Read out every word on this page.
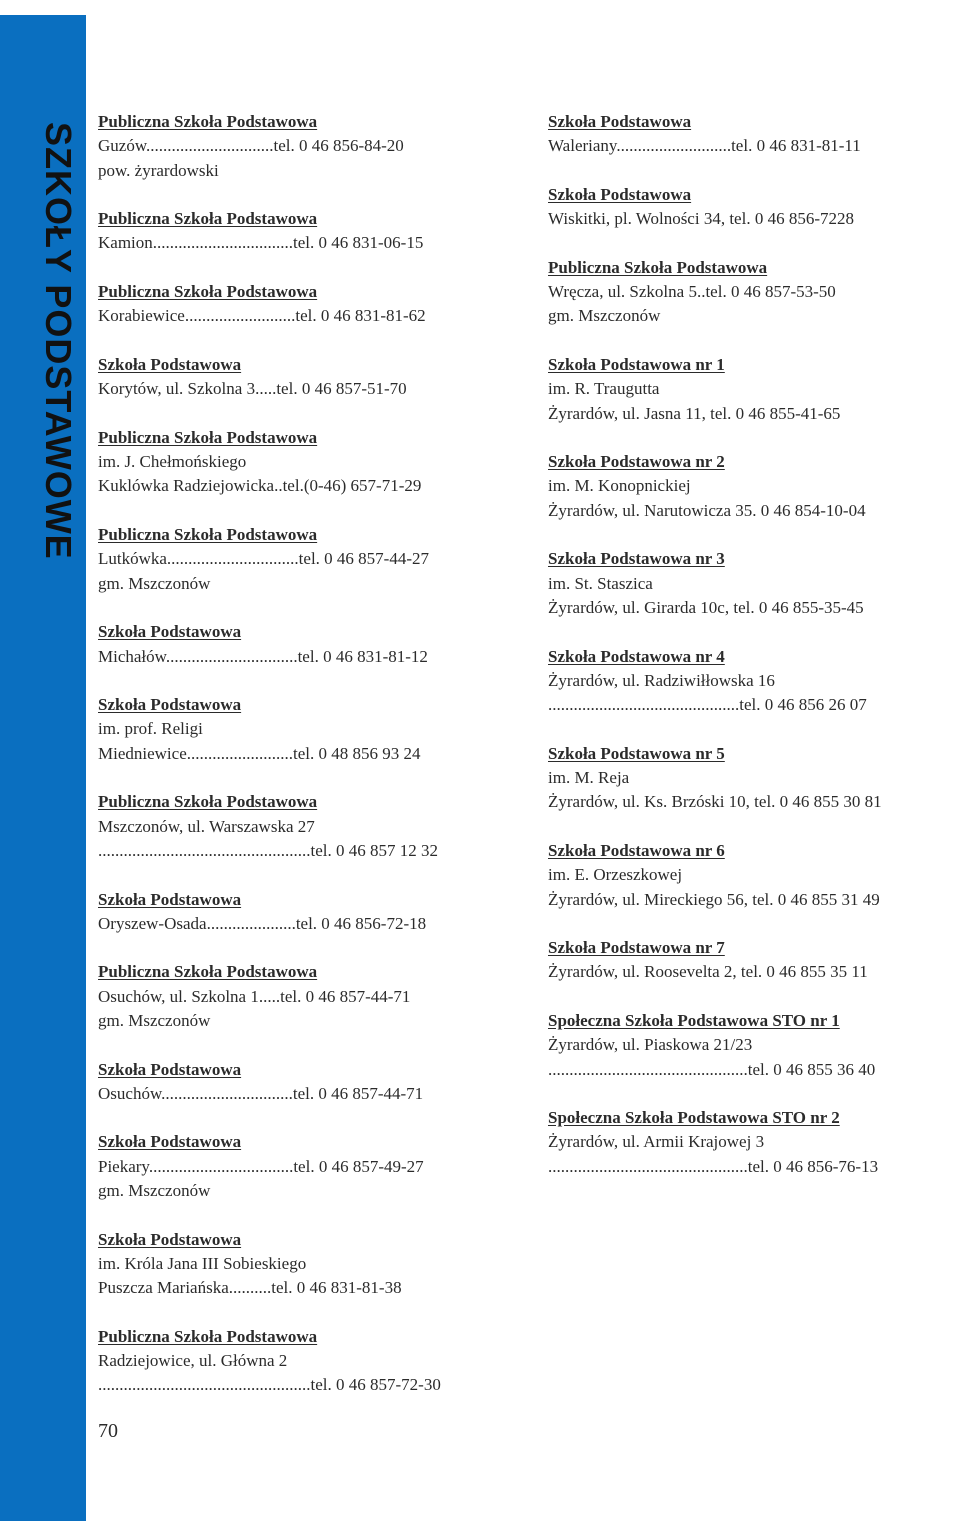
SZKOŁY PODSTAWOWE
Publiczna Szkoła Podstawowa
Guzów..............................tel. 0 46 856-84-20
pow. żyrardowski
Publiczna Szkoła Podstawowa
Kamion.................................tel. 0 46 831-06-15
Publiczna Szkoła Podstawowa
Korabiewice..........................tel. 0 46 831-81-62
Szkoła Podstawowa
Korytów, ul. Szkolna 3.....tel. 0 46 857-51-70
Publiczna Szkoła Podstawowa
im. J. Chełmońskiego
Kuklówka Radziejowicka..tel.(0-46) 657-71-29
Publiczna Szkoła Podstawowa
Lutkówka...............................tel. 0 46 857-44-27
gm. Mszczonów
Szkoła Podstawowa
Michałów...............................tel. 0 46 831-81-12
Szkoła Podstawowa
im. prof. Religi
Miedniewice.........................tel. 0 48 856 93 24
Publiczna Szkoła Podstawowa
Mszczonów, ul. Warszawska 27
..................................................tel. 0 46 857 12 32
Szkoła Podstawowa
Oryszew-Osada.....................tel. 0 46 856-72-18
Publiczna Szkoła Podstawowa
Osuchów, ul. Szkolna 1.....tel. 0 46 857-44-71
gm. Mszczonów
Szkoła Podstawowa
Osuchów...............................tel. 0 46 857-44-71
Szkoła Podstawowa
Piekary..................................tel. 0 46 857-49-27
gm. Mszczonów
Szkoła Podstawowa
im. Króla Jana III Sobieskiego
Puszcza Mariańska..........tel. 0 46 831-81-38
Publiczna Szkoła Podstawowa
Radziejowice, ul. Główna 2
..................................................tel. 0 46 857-72-30
Szkoła Podstawowa
Waleriany...........................tel. 0 46 831-81-11
Szkoła Podstawowa
Wiskitki, pl. Wolności 34, tel. 0 46 856-7228
Publiczna Szkoła Podstawowa
Wręcza, ul. Szkolna 5..tel. 0 46 857-53-50
gm. Mszczonów
Szkoła Podstawowa nr 1
im. R. Traugutta
Żyrardów, ul. Jasna 11, tel. 0 46 855-41-65
Szkoła Podstawowa nr 2
im. M. Konopnickiej
Żyrardów, ul. Narutowicza 35. 0 46 854-10-04
Szkoła Podstawowa nr 3
im. St. Staszica
Żyrardów, ul. Girarda 10c, tel. 0 46 855-35-45
Szkoła Podstawowa nr 4
Żyrardów, ul. Radziwiłłowska 16
.............................................tel. 0 46 856 26 07
Szkoła Podstawowa nr 5
im. M. Reja
Żyrardów, ul. Ks. Brzóski 10, tel. 0 46 855 30 81
Szkoła Podstawowa nr 6
im. E. Orzeszkowej
Żyrardów, ul. Mireckiego 56, tel. 0 46 855 31 49
Szkoła Podstawowa nr 7
Żyrardów, ul. Roosevelta 2, tel. 0 46 855 35 11
Społeczna Szkoła Podstawowa STO nr 1
Żyrardów, ul. Piaskowa 21/23
...............................................tel. 0 46 855 36 40
Społeczna Szkoła Podstawowa STO nr 2
Żyrardów, ul. Armii Krajowej 3
...............................................tel. 0 46 856-76-13
70
